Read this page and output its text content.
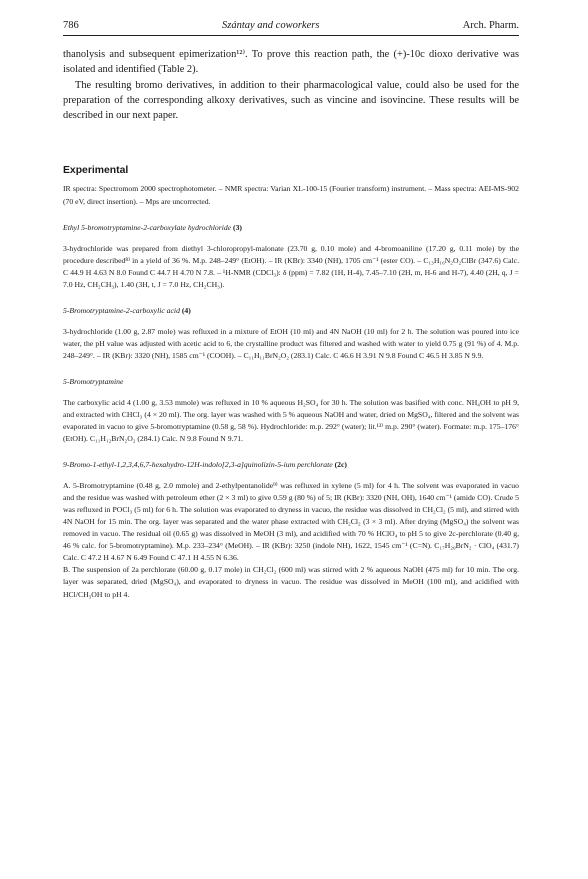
786	Szántay and coworkers	Arch. Pharm.

thanolysis and subsequent epimerization¹²⁾. To prove this reaction path, the (+)-10c dioxo derivative was isolated and identified (Table 2).

The resulting bromo derivatives, in addition to their pharmacological value, could also be used for the preparation of the corresponding alkoxy derivatives, such as vincine and isovincine. These results will be described in our next paper.

Experimental

IR spectra: Spectromom 2000 spectrophotometer. – NMR spectra: Varian XL-100-15 (Fourier transform) instrument. – Mass spectra: AEI-MS-902 (70 eV, direct insertion). – Mps are uncorrected.

Ethyl 5-bromotryptamine-2-carboxylate hydrochloride (3)

3-hydrochloride was prepared from diethyl 3-chloropropyl-malonate (23.70 g, 0.10 mole) and 4-bromoaniline (17.20 g, 0.11 mole) by the procedure described⁸⁾ in a yield of 36 %. M.p. 248–249° (EtOH). – IR (KBr): 3340 (NH), 1705 cm⁻¹ (ester CO). – C₁₃H₁₆N₂O₂ClBr (347.6) Calc. C 44.9 H 4.63 N 8.0 Found C 44.7 H 4.70 N 7.8. – ¹H-NMR (CDCl₃): δ (ppm) = 7.82 (1H, H-4), 7.45–7.10 (2H, m, H-6 and H-7), 4.40 (2H, q, J = 7.0 Hz, CH₂CH₃), 1.40 (3H, t, J = 7.0 Hz, CH₂CH₃).

5-Bromotryptamine-2-carboxylic acid (4)

3-hydrochloride (1.00 g, 2.87 mole) was refluxed in a mixture of EtOH (10 ml) and 4N NaOH (10 ml) for 2 h. The solution was poured into ice water, the pH value was adjusted with acetic acid to 6, the crystalline product was filtered and washed with water to yield 0.75 g (91 %) of 4. M.p. 248–249°. – IR (KBr): 3320 (NH), 1585 cm⁻¹ (COOH). – C₁₁H₁₁BrN₂O₂ (283.1) Calc. C 46.6 H 3.91 N 9.8 Found C 46.5 H 3.85 N 9.9.

5-Bromotryptamine

The carboxylic acid 4 (1.00 g, 3.53 mmole) was refluxed in 10 % aqueous H₂SO₄ for 30 h. The solution was basified with conc. NH₄OH to pH 9, and extracted with CHCl₃ (4 × 20 ml). The org. layer was washed with 5 % aqueous NaOH and water, dried on MgSO₄, filtered and the solvent was evaporated in vacuo to give 5-bromotryptamine (0.58 g, 58 %). Hydrochloride: m.p. 292° (water); lit.¹³⁾ m.p. 290° (water). Formate: m.p. 175–176° (EtOH). C₁₁H₁₂BrN₂O₂ (284.1) Calc. N 9.8 Found N 9.71.

9-Bromo-1-ethyl-1,2,3,4,6,7-hexahydro-12H-indolo[2,3-a]quinolizin-5-ium perchlorate (2c)

A. 5-Bromotryptamine (0.48 g, 2.0 mmole) and 2-ethylpentanolide⁹⁾ was refluxed in xylene (5 ml) for 4 h. The solvent was evaporated in vacuo and the residue was washed with petroleum ether (2 × 3 ml) to give 0.59 g (80 %) of 5; IR (KBr): 3320 (NH, OH), 1640 cm⁻¹ (amide CO). Crude 5 was refluxed in POCl₃ (5 ml) for 6 h. The solution was evaporated to dryness in vacuo, the residue was dissolved in CH₂Cl₂ (5 ml), and stirred with 4N NaOH for 15 min. The org. layer was separated and the water phase extracted with CH₂Cl₂ (3 × 3 ml). After drying (MgSO₄) the solvent was removed in vacuo. The residual oil (0.65 g) was dissolved in MeOH (3 ml), and acidified with 70 % HClO₄ to pH 5 to give 2c-perchlorate (0.40 g, 46 % calc. for 5-bromotryptamine). M.p. 233–234° (MeOH). – IR (KBr): 3250 (indole NH), 1622, 1545 cm⁻¹ (C=N). C₁₇H₂₀BrN₂ · ClO₄ (431.7) Calc. C 47.2 H 4.67 N 6.49 Found C 47.1 H 4.55 N 6.36.

B. The suspension of 2a perchlorate (60.00 g, 0.17 mole) in CH₂Cl₂ (600 ml) was stirred with 2 % aqueous NaOH (475 ml) for 10 min. The org. layer was separated, dried (MgSO₄), and evaporated to dryness in vacuo. The residue was dissolved in MeOH (100 ml), and acidified with HCl/CH₃OH to pH 4.
